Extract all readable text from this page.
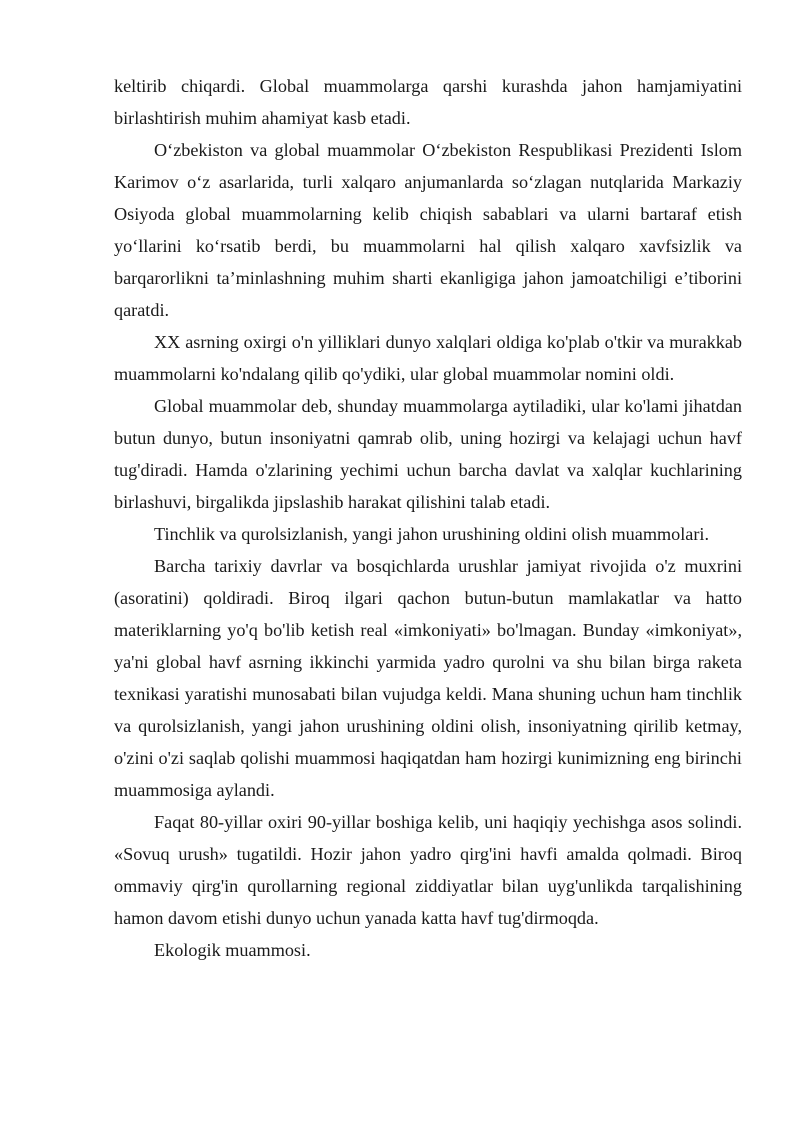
keltirib chiqardi. Global muammolarga qarshi kurashda jahon hamjamiyatini birlashtirish muhim ahamiyat kasb etadi.

O‘zbekiston va global muammolar O‘zbekiston Respublikasi Prezidenti Islom Karimov o‘z asarlarida, turli xalqaro anjumanlarda so‘zlagan nutqlarida Markaziy Osiyoda global muammolarning kelib chiqish sabablari va ularni bartaraf etish yo‘llarini ko‘rsatib berdi, bu muammolarni hal qilish xalqaro xavfsizlik va barqarorlikni ta’minlashning muhim sharti ekanligiga jahon jamoatchiligi e’tiborini qaratdi.

XX asrning oxirgi o'n yilliklari dunyo xalqlari oldiga ko'plab o'tkir va murakkab muammolarni ko'ndalang qilib qo'ydiki, ular global muammolar nomini oldi.

Global muammolar deb, shunday muammolarga aytiladiki, ular ko'lami jihatdan butun dunyo, butun insoniyatni qamrab olib, uning hozirgi va kelajagi uchun havf tug'diradi. Hamda o'zlarining yechimi uchun barcha davlat va xalqlar kuchlarining birlashuvi, birgalikda jipslashib harakat qilishini talab etadi.

Tinchlik va qurolsizlanish, yangi jahon urushining oldini olish muammolari.

Barcha tarixiy davrlar va bosqichlarda urushlar jamiyat rivojida o'z muxrini (asoratini) qoldiradi. Biroq ilgari qachon butun-butun mamlakatlar va hatto materiklarning yo'q bo'lib ketish real «imkoniyati» bo'lmagan. Bunday «imkoniyat», ya'ni global havf asrning ikkinchi yarmida yadro qurolni va shu bilan birga raketa texnikasi yaratishi munosabati bilan vujudga keldi. Mana shuning uchun ham tinchlik va qurolsizlanish, yangi jahon urushining oldini olish, insoniyatning qirilib ketmay, o'zini o'zi saqlab qolishi muammosi haqiqatdan ham hozirgi kunimizning eng birinchi muammosiga aylandi.

Faqat 80-yillar oxiri 90-yillar boshiga kelib, uni haqiqiy yechishga asos solindi. «Sovuq urush» tugatildi. Hozir jahon yadro qirg'ini havfi amalda qolmadi. Biroq ommaviy qirg'in qurollarning regional ziddiyatlar bilan uyg'unlikda tarqalishining hamon davom etishi dunyo uchun yanada katta havf tug'dirmoqda.

Ekologik muammosi.
